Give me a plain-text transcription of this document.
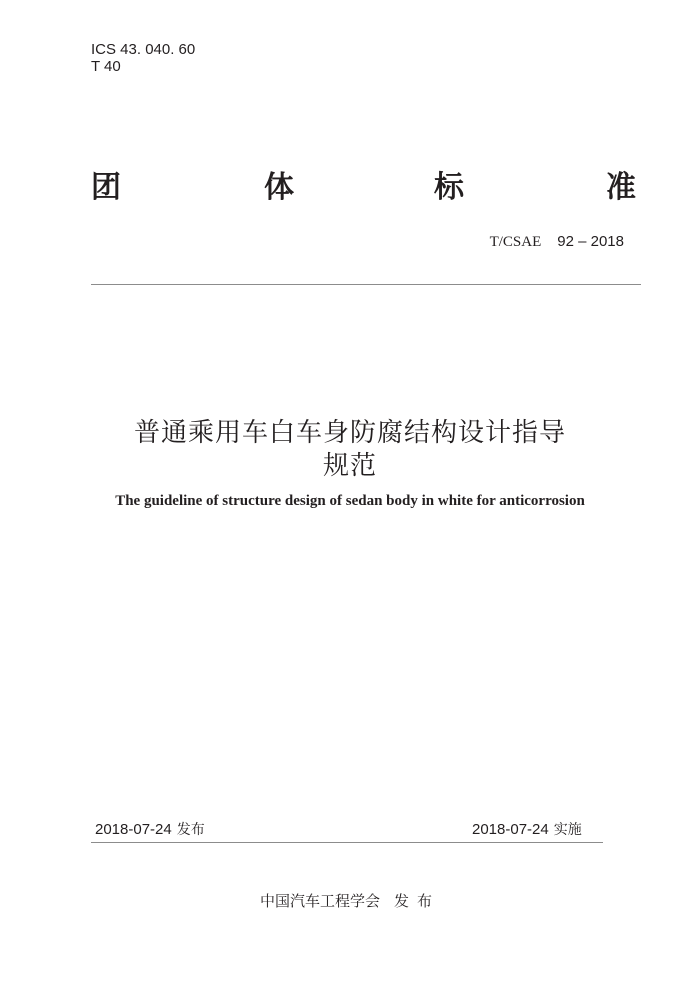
ICS 43. 040. 60
T 40
团	体	标	准
T/CSAE 92 – 2018
普通乘用车白车身防腐结构设计指导
规范
The guideline of structure design of sedan body in white for anticorrosion
2018-07-24 发布	2018-07-24 实施
中国汽车工程学会 发布
